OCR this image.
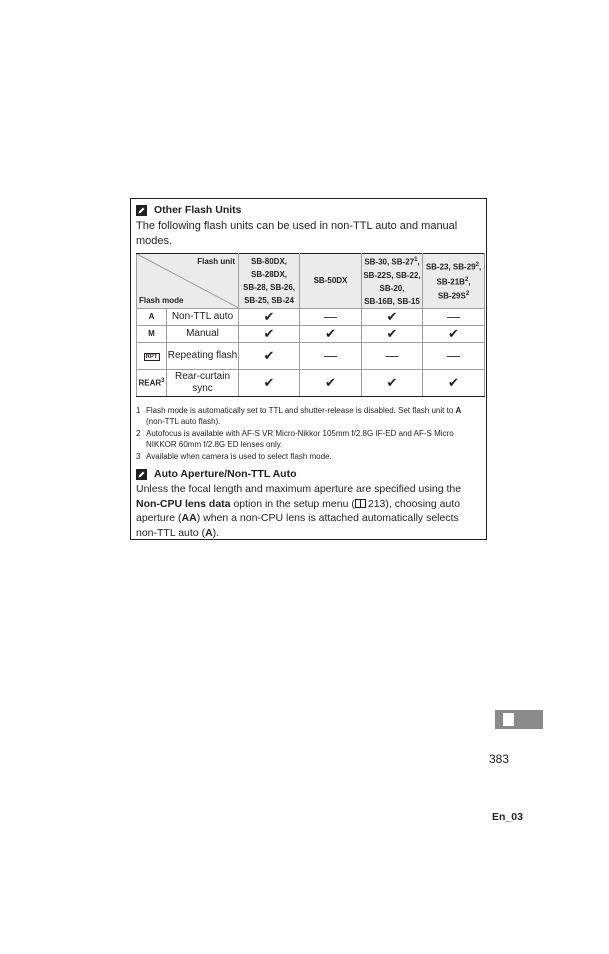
Other Flash Units
The following flash units can be used in non-TTL auto and manual modes.
Flash unit
Flash mode		SB-80DX,
SB-28DX,
SB-28, SB-26,
SB-25, SB-24	SB-50DX	SB-30, $SB-27^1$,
SB-22S, SB-22,
SB-20,
SB-16B, SB-15	SB-23, $SB-29^2$,
$SB-21B^2$,
$SB-29S^2$
A	Non-TTL auto	✔	—	✔	—
M	Manual	✔	✔	✔	✔
RPT	Repeating flash	✔	—	—	—
REAR$^3$	Rear-curtain sync	✔	✔	✔	✔
1 Flash mode is automatically set to TTL and shutter-release is disabled. Set flash unit to A (non-TTL auto flash).
2 Autofocus is available with AF-S VR Micro-Nikkor 105mm f/2.8G IF-ED and AF-S Micro NIKKOR 60mm f/2.8G ED lenses only.
3 Available when camera is used to select flash mode.
Auto Aperture/Non-TTL Auto
Unless the focal length and maximum aperture are specified using the Non-CPU lens data option in the setup menu ( 213), choosing auto aperture (AA) when a non-CPU lens is attached automatically selects non-TTL auto (A).
383
En_03
